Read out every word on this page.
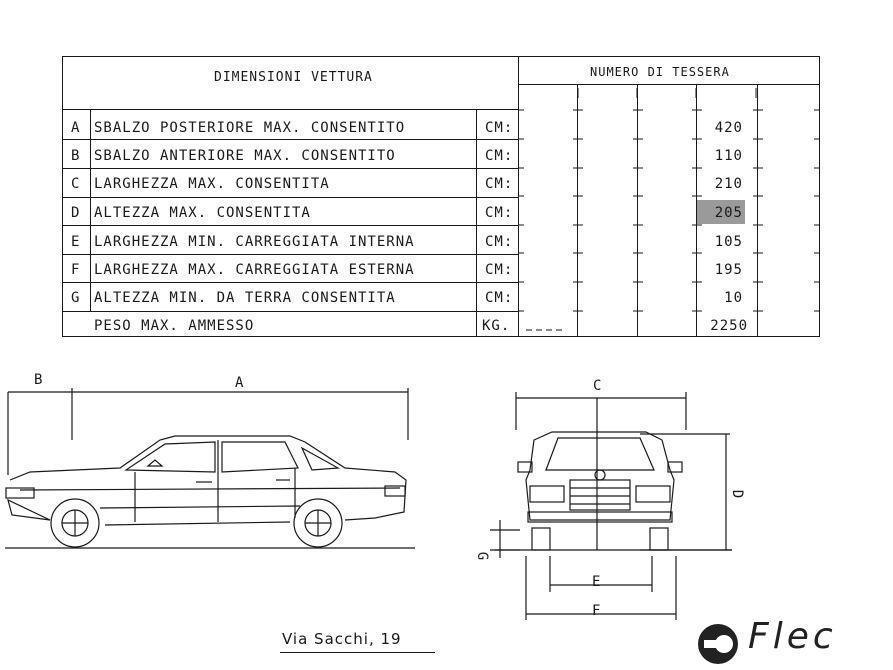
DIMENSIONI VETTURA	NUMERO DI TESSERA
A SBALZO POSTERIORE MAX. CONSENTITO	CM:	420
B SBALZO ANTERIORE MAX. CONSENTITO	CM:	110
C LARGHEZZA MAX. CONSENTITA	CM:	210
D ALTEZZA MAX. CONSENTITA	CM:	205
E LARGHEZZA MIN. CARREGGIATA INTERNA	CM:	105
F LARGHEZZA MAX. CARREGGIATA ESTERNA	CM:	195
G ALTEZZA MIN. DA TERRA CONSENTITA	CM:	10
PESO MAX. AMMESSO	KG.	2250
B	A	C
D
G
E
F
Via Sacchi, 19	Flec
